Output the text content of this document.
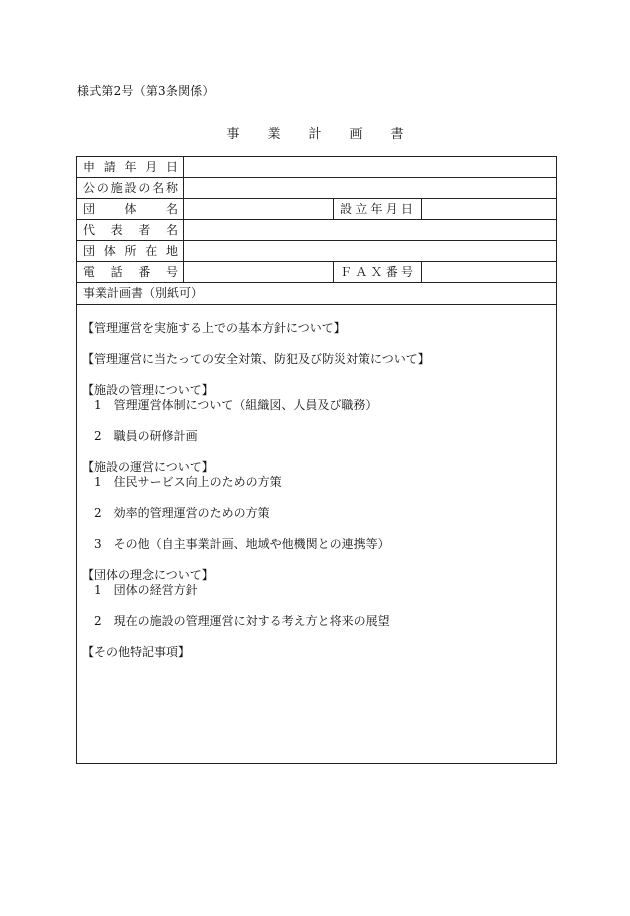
様式第2号（第3条関係）
事 業 計 画 書
申 請 年 月 日
公 の 施 設 の 名 称
団 体 名	設 立 年 月 日
代 表 者 名
団 体 所 在 地
電 話 番 号	Ｆ Ａ Ｘ 番 号
事業計画書（別紙可）
【管理運営を実施する上での基本方針について】
【管理運営に当たっての安全対策、防犯及び防災対策について】
【施設の管理について】
1　管理運営体制について（組織図、人員及び職務）
2　職員の研修計画
【施設の運営について】
1　住民サービス向上のための方策
2　効率的管理運営のための方策
3　その他（自主事業計画、地域や他機関との連携等）
【団体の理念について】
1　団体の経営方針
2　現在の施設の管理運営に対する考え方と将来の展望
【その他特記事項】
